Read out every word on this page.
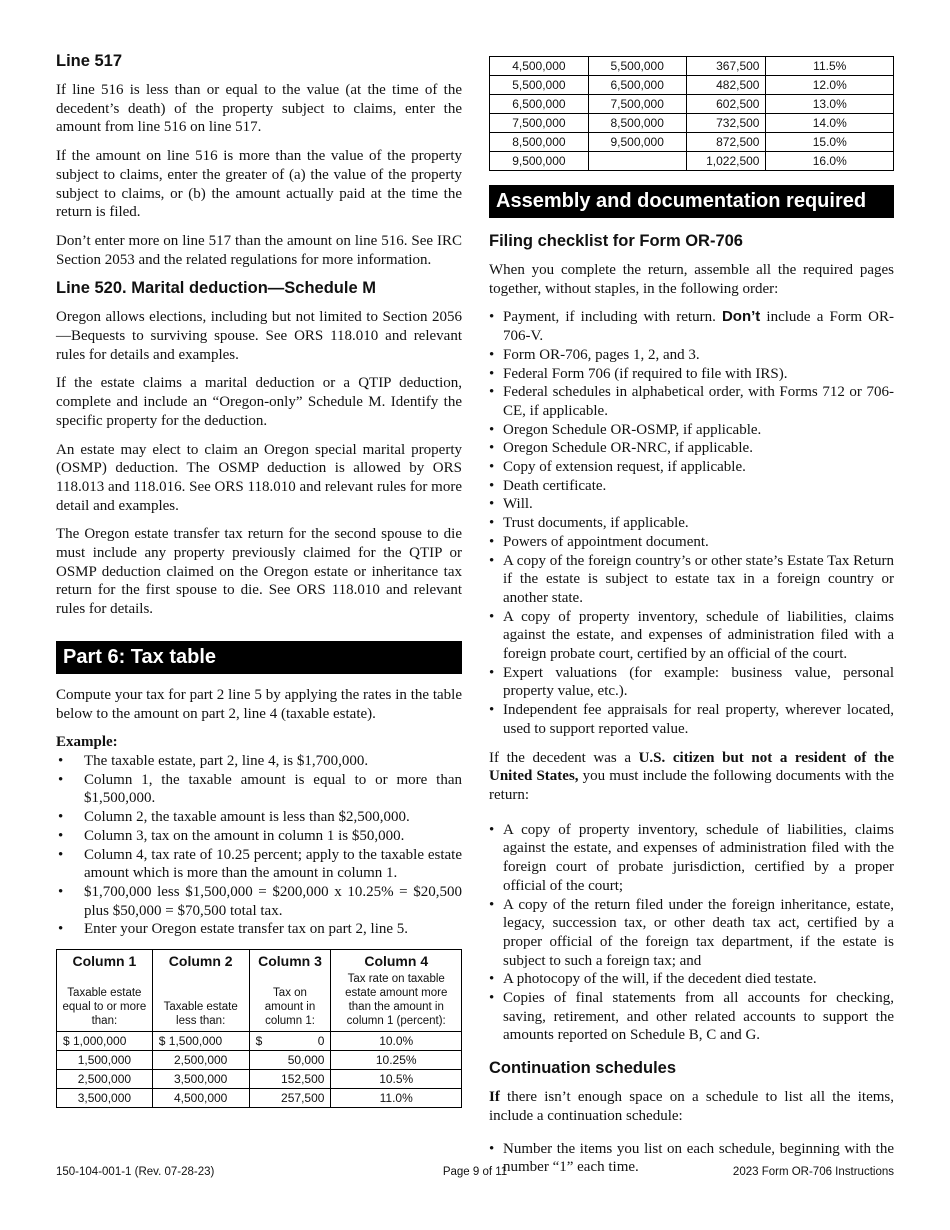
Line 517

If line 516 is less than or equal to the value (at the time of the decedent’s death) of the property subject to claims, enter the amount from line 516 on line 517.

If the amount on line 516 is more than the value of the property subject to claims, enter the greater of (a) the value of the property subject to claims, or (b) the amount actually paid at the time the return is filed.

Don’t enter more on line 517 than the amount on line 516. See IRC Section 2053 and the related regulations for more information.

Line 520. Marital deduction—Schedule M

Oregon allows elections, including but not limited to Section 2056—Bequests to surviving spouse. See ORS 118.010 and relevant rules for details and examples.

If the estate claims a marital deduction or a QTIP deduction, complete and include an “Oregon-only” Schedule M. Identify the specific property for the deduction.

An estate may elect to claim an Oregon special marital property (OSMP) deduction. The OSMP deduction is allowed by ORS 118.013 and 118.016. See ORS 118.010 and relevant rules for more detail and examples.

The Oregon estate transfer tax return for the second spouse to die must include any property previously claimed for the QTIP or OSMP deduction claimed on the Oregon estate or inheritance tax return for the first spouse to die. See ORS 118.010 and relevant rules for details.

Part 6: Tax table

Compute your tax for part 2 line 5 by applying the rates in the table below to the amount on part 2, line 4 (taxable estate).

Example:
• The taxable estate, part 2, line 4, is $1,700,000.
• Column 1, the taxable amount is equal to or more than $1,500,000.
• Column 2, the taxable amount is less than $2,500,000.
• Column 3, tax on the amount in column 1 is $50,000.
• Column 4, tax rate of 10.25 percent; apply to the taxable estate amount which is more than the amount in column 1.
• $1,700,000 less $1,500,000 = $200,000 x 10.25% = $20,500 plus $50,000 = $70,500 total tax.
• Enter your Oregon estate transfer tax on part 2, line 5.
Column 1	Column 2	Column 3	Column 4
Taxable estate equal to or more than:	Taxable estate less than:	Tax on amount in column 1:	Tax rate on taxable estate amount more than the amount in column 1 (percent):
$ 1,000,000	$ 1,500,000	$ 0	10.0%
1,500,000	2,500,000	50,000	10.25%
2,500,000	3,500,000	152,500	10.5%
3,500,000	4,500,000	257,500	11.0%
4,500,000	5,500,000	367,500	11.5%
5,500,000	6,500,000	482,500	12.0%
6,500,000	7,500,000	602,500	13.0%
7,500,000	8,500,000	732,500	14.0%
8,500,000	9,500,000	872,500	15.0%
9,500,000		1,022,500	16.0%
Assembly and documentation required
Filing checklist for Form OR-706

When you complete the return, assemble all the required pages together, without staples, in the following order:

• Payment, if including with return. Don’t include a Form OR-706-V.
• Form OR-706, pages 1, 2, and 3.
• Federal Form 706 (if required to file with IRS).
• Federal schedules in alphabetical order, with Forms 712 or 706-CE, if applicable.
• Oregon Schedule OR-OSMP, if applicable.
• Oregon Schedule OR-NRC, if applicable.
• Copy of extension request, if applicable.
• Death certificate.
• Will.
• Trust documents, if applicable.
• Powers of appointment document.
• A copy of the foreign country’s or other state’s Estate Tax Return if the estate is subject to estate tax in a foreign country or another state.
• A copy of property inventory, schedule of liabilities, claims against the estate, and expenses of administration filed with a foreign probate court, certified by an official of the court.
• Expert valuations (for example: business value, personal property value, etc.).
• Independent fee appraisals for real property, wherever located, used to support reported value.

If the decedent was a U.S. citizen but not a resident of the United States, you must include the following documents with the return:

• A copy of property inventory, schedule of liabilities, claims against the estate, and expenses of administration filed with the foreign court of probate jurisdiction, certified by a proper official of the court;
• A copy of the return filed under the foreign inheritance, estate, legacy, succession tax, or other death tax act, certified by a proper official of the foreign tax department, if the estate is subject to such a foreign tax; and
• A photocopy of the will, if the decedent died testate.
• Copies of final statements from all accounts for checking, saving, retirement, and other related accounts to support the amounts reported on Schedule B, C and G.
Continuation schedules

If there isn’t enough space on a schedule to list all the items, include a continuation schedule:

• Number the items you list on each schedule, beginning with the number “1” each time.
150-104-001-1 (Rev. 07-28-23)	Page 9 of 11	2023 Form OR-706 Instructions
